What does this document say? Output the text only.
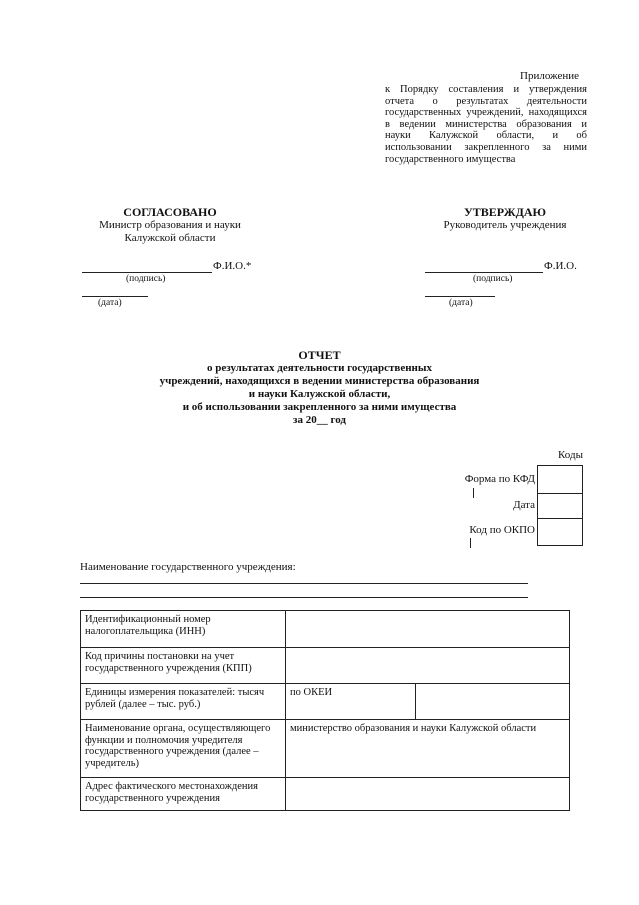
Приложение
к Порядку составления и утверждения отчета о результатах деятельности государственных учреждений, находящихся в ведении министерства образования и науки Калужской области, и об использовании закрепленного за ними государственного имущества
СОГЛАСОВАНО
Министр образования и науки
Калужской области
Ф.И.О.*
(подпись)
(дата)
УТВЕРЖДАЮ
Руководитель учреждения
Ф.И.О.
(подпись)
(дата)
ОТЧЕТ
о результатах деятельности государственных
учреждений, находящихся в ведении министерства образования
и науки Калужской области,
и об использовании закрепленного за ними имущества
за 20__ год
Коды
Форма по КФД
Дата
Код по ОКПО
Наименование государственного учреждения:
Идентификационный номер налогоплательщика (ИНН)		
Код причины постановки на учет государственного учреждения (КПП)		
Единицы измерения показателей: тысяч рублей (далее – тыс. руб.)	по ОКЕИ	
Наименование органа, осуществляющего функции и полномочия учредителя государственного учреждения (далее – учредитель)	министерство образования и науки Калужской области	
Адрес фактического местонахождения государственного учреждения		
